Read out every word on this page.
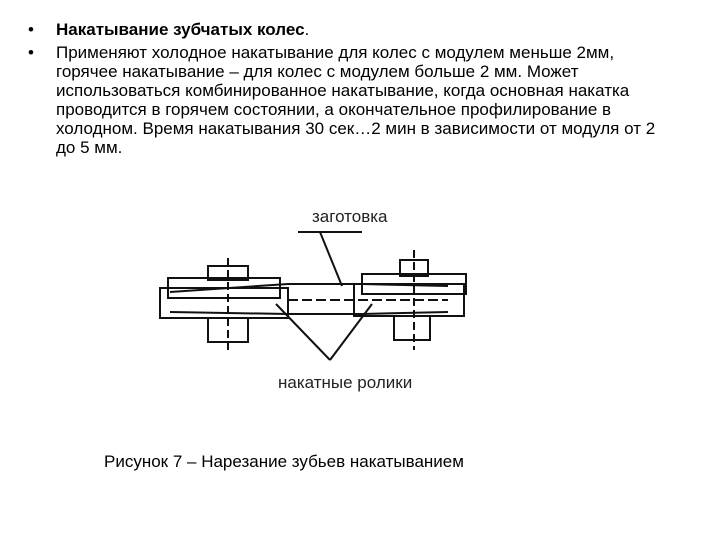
• Накатывание зубчатых колес.
• Применяют холодное накатывание для колес с модулем меньше 2мм, горячее накатывание – для колес с модулем больше 2 мм. Может использоваться комбинированное накатывание, когда основная накатка проводится в горячем состоянии, а окончательное профилирование в холодном. Время накатывания 30 сек…2 мин в зависимости от модуля от 2 до 5 мм.
заготовка
накатные ролики
Рисунок 7 – Нарезание зубьев накатыванием
